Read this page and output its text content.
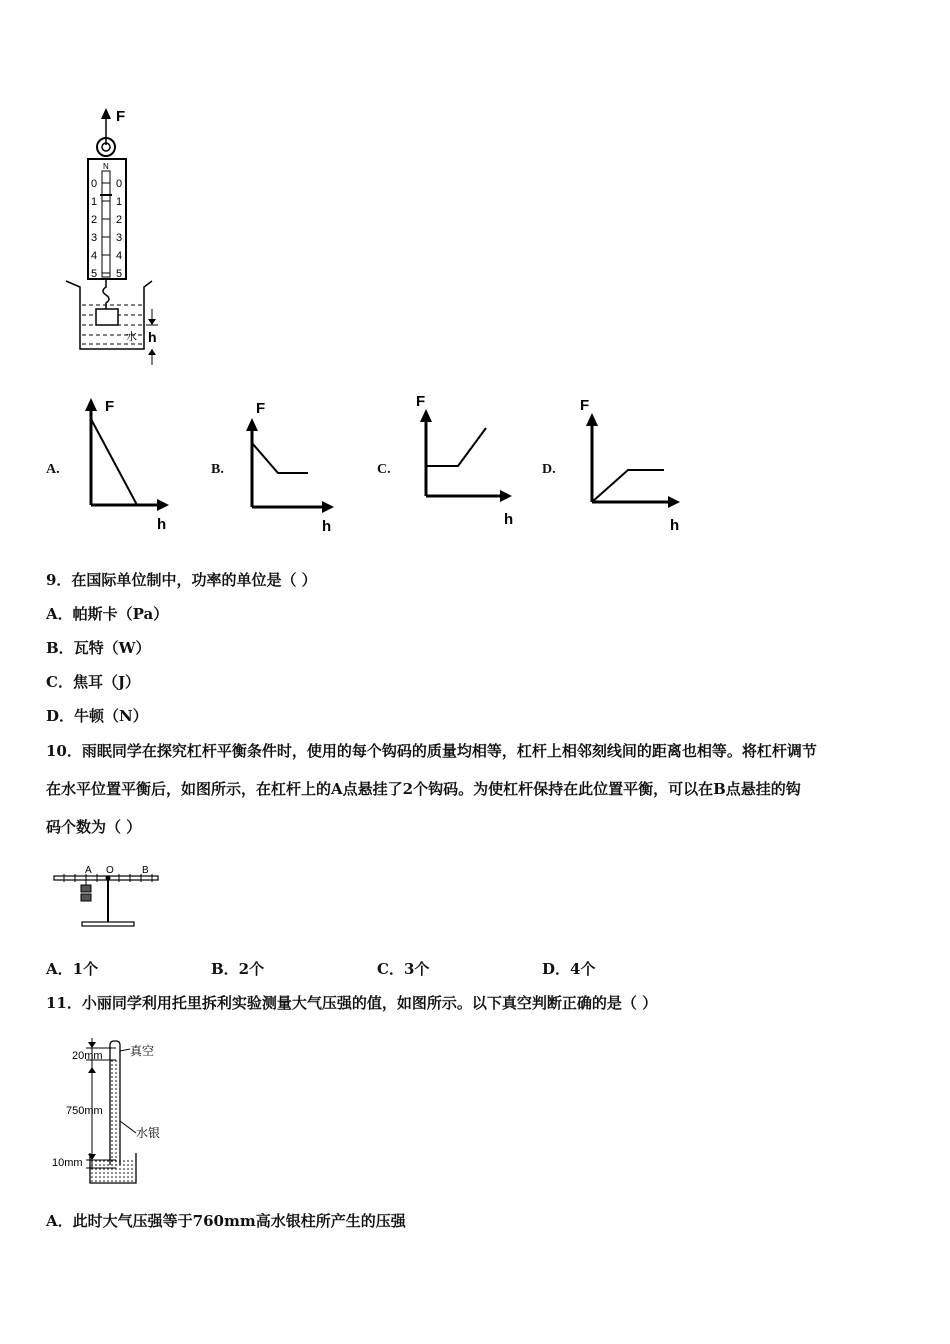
F
N
0
1
2
3
4
5
0
1
2
3
4
5
水 h
A.
F
h
B.
F
h
C.
F
h
D.
F
h
9．在国际单位制中，功率的单位是（ ）
A．帕斯卡（Pa）
B．瓦特（W）
C．焦耳（J）
D．牛顿（N）
10．雨眠同学在探究杠杆平衡条件时，使用的每个钩码的质量均相等，杠杆上相邻刻线间的距离也相等。将杠杆调节
在水平位置平衡后，如图所示，在杠杆上的A点悬挂了2个钩码。为使杠杆保持在此位置平衡，可以在B点悬挂的钩
码个数为（ ）
A O	B
A．1个	B．2个	C．3个	D．4个
11．小丽同学利用托里拆利实验测量大气压强的值，如图所示。以下真空判断正确的是（ ）
20mm
750mm
10mm
真空
水银
A．此时大气压强等于760mm高水银柱所产生的压强
